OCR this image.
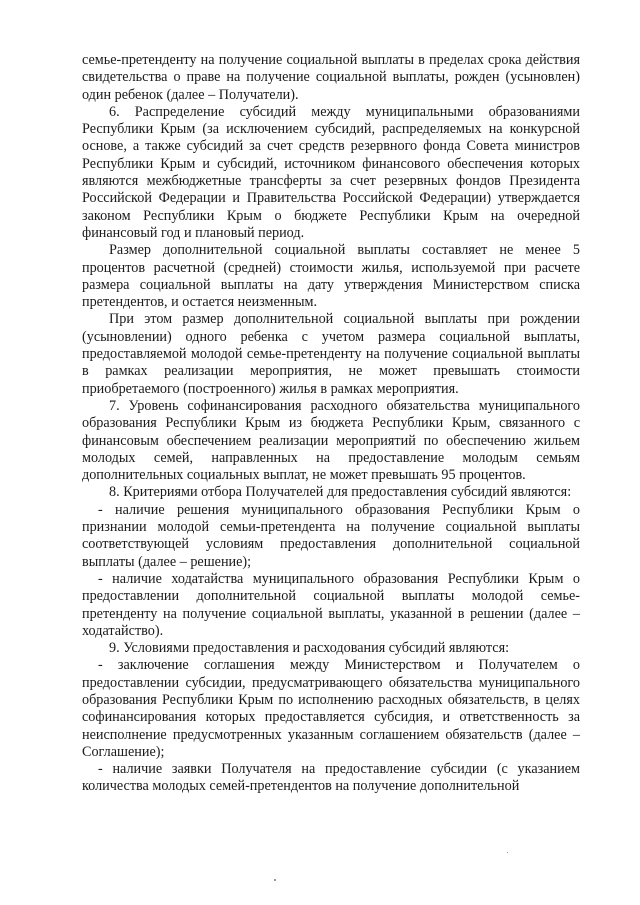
семье-претенденту на получение социальной выплаты в пределах срока действия свидетельства о праве на получение социальной выплаты, рожден (усыновлен) один ребенок (далее – Получатели).

6. Распределение субсидий между муниципальными образованиями Республики Крым (за исключением субсидий, распределяемых на конкурсной основе, а также субсидий за счет средств резервного фонда Совета министров Республики Крым и субсидий, источником финансового обеспечения которых являются межбюджетные трансферты за счет резервных фондов Президента Российской Федерации и Правительства Российской Федерации) утверждается законом Республики Крым о бюджете Республики Крым на очередной финансовый год и плановый период.

Размер дополнительной социальной выплаты составляет не менее 5 процентов расчетной (средней) стоимости жилья, используемой при расчете размера социальной выплаты на дату утверждения Министерством списка претендентов, и остается неизменным.

При этом размер дополнительной социальной выплаты при рождении (усыновлении) одного ребенка с учетом размера социальной выплаты, предоставляемой молодой семье-претенденту на получение социальной выплаты в рамках реализации мероприятия, не может превышать стоимости приобретаемого (построенного) жилья в рамках мероприятия.

7. Уровень софинансирования расходного обязательства муниципального образования Республики Крым из бюджета Республики Крым, связанного с финансовым обеспечением реализации мероприятий по обеспечению жильем молодых семей, направленных на предоставление молодым семьям дополнительных социальных выплат, не может превышать 95 процентов.

8. Критериями отбора Получателей для предоставления субсидий являются:

- наличие решения муниципального образования Республики Крым о признании молодой семьи-претендента на получение социальной выплаты соответствующей условиям предоставления дополнительной социальной выплаты (далее – решение);

- наличие ходатайства муниципального образования Республики Крым о предоставлении дополнительной социальной выплаты молодой семье-претенденту на получение социальной выплаты, указанной в решении (далее – ходатайство).

9. Условиями предоставления и расходования субсидий являются:

- заключение соглашения между Министерством и Получателем о предоставлении субсидии, предусматривающего обязательства муниципального образования Республики Крым по исполнению расходных обязательств, в целях софинансирования которых предоставляется субсидия, и ответственность за неисполнение предусмотренных указанным соглашением обязательств (далее – Соглашение);

- наличие заявки Получателя на предоставление субсидии (с указанием количества молодых семей-претендентов на получение дополнительной
